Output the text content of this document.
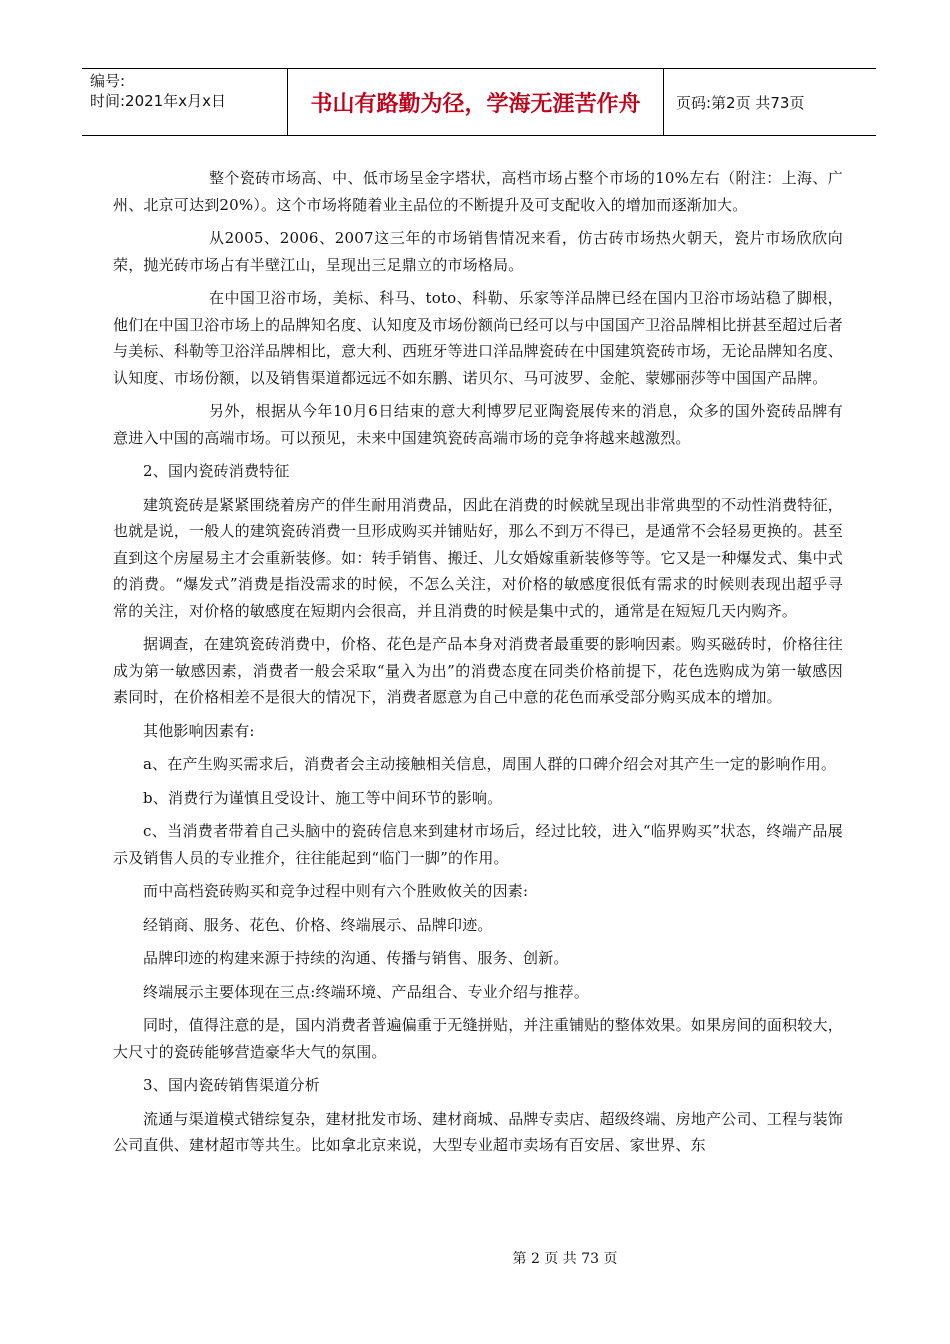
编号:
时间:2021年x月x日	书山有路勤为径，学海无涯苦作舟	页码:第2页 共73页

整个瓷砖市场高、中、低市场呈金字塔状，高档市场占整个市场的10%左右（附注：上海、广州、北京可达到20%）。这个市场将随着业主品位的不断提升及可支配收入的增加而逐渐加大。

从2005、2006、2007这三年的市场销售情况来看，仿古砖市场热火朝天，瓷片市场欣欣向荣，抛光砖市场占有半壁江山，呈现出三足鼎立的市场格局。

在中国卫浴市场，美标、科马、toto、科勒、乐家等洋品牌已经在国内卫浴市场站稳了脚根，他们在中国卫浴市场上的品牌知名度、认知度及市场份额尚已经可以与中国国产卫浴品牌相比拼甚至超过后者与美标、科勒等卫浴洋品牌相比，意大利、西班牙等进口洋品牌瓷砖在中国建筑瓷砖市场，无论品牌知名度、认知度、市场份额，以及销售渠道都远远不如东鹏、诺贝尔、马可波罗、金舵、蒙娜丽莎等中国国产品牌。

另外，根据从今年10月6日结束的意大利博罗尼亚陶瓷展传来的消息，众多的国外瓷砖品牌有意进入中国的高端市场。可以预见，未来中国建筑瓷砖高端市场的竞争将越来越激烈。

2、国内瓷砖消费特征

建筑瓷砖是紧紧围绕着房产的伴生耐用消费品，因此在消费的时候就呈现出非常典型的不动性消费特征，也就是说，一般人的建筑瓷砖消费一旦形成购买并铺贴好，那么不到万不得已，是通常不会轻易更换的。甚至直到这个房屋易主才会重新装修。如：转手销售、搬迁、儿女婚嫁重新装修等等。它又是一种爆发式、集中式的消费。“爆发式”消费是指没需求的时候，不怎么关注，对价格的敏感度很低有需求的时候则表现出超乎寻常的关注，对价格的敏感度在短期内会很高，并且消费的时候是集中式的，通常是在短短几天内购齐。

据调查，在建筑瓷砖消费中，价格、花色是产品本身对消费者最重要的影响因素。购买磁砖时，价格往往成为第一敏感因素，消费者一般会采取“量入为出”的消费态度在同类价格前提下，花色选购成为第一敏感因素同时，在价格相差不是很大的情况下，消费者愿意为自己中意的花色而承受部分购买成本的增加。

其他影响因素有:

a、在产生购买需求后，消费者会主动接触相关信息，周围人群的口碑介绍会对其产生一定的影响作用。

b、消费行为谨慎且受设计、施工等中间环节的影响。

c、当消费者带着自己头脑中的瓷砖信息来到建材市场后，经过比较，进入“临界购买”状态，终端产品展示及销售人员的专业推介，往往能起到“临门一脚”的作用。

而中高档瓷砖购买和竞争过程中则有六个胜败攸关的因素:

经销商、服务、花色、价格、终端展示、品牌印迹。

品牌印迹的构建来源于持续的沟通、传播与销售、服务、创新。

终端展示主要体现在三点:终端环境、产品组合、专业介绍与推荐。

同时，值得注意的是，国内消费者普遍偏重于无缝拼贴，并注重铺贴的整体效果。如果房间的面积较大，大尺寸的瓷砖能够营造豪华大气的氛围。

3、国内瓷砖销售渠道分析

流通与渠道模式错综复杂，建材批发市场、建材商城、品牌专卖店、超级终端、房地产公司、工程与装饰公司直供、建材超市等共生。比如拿北京来说，大型专业超市卖场有百安居、家世界、东

第 2 页 共 73 页
